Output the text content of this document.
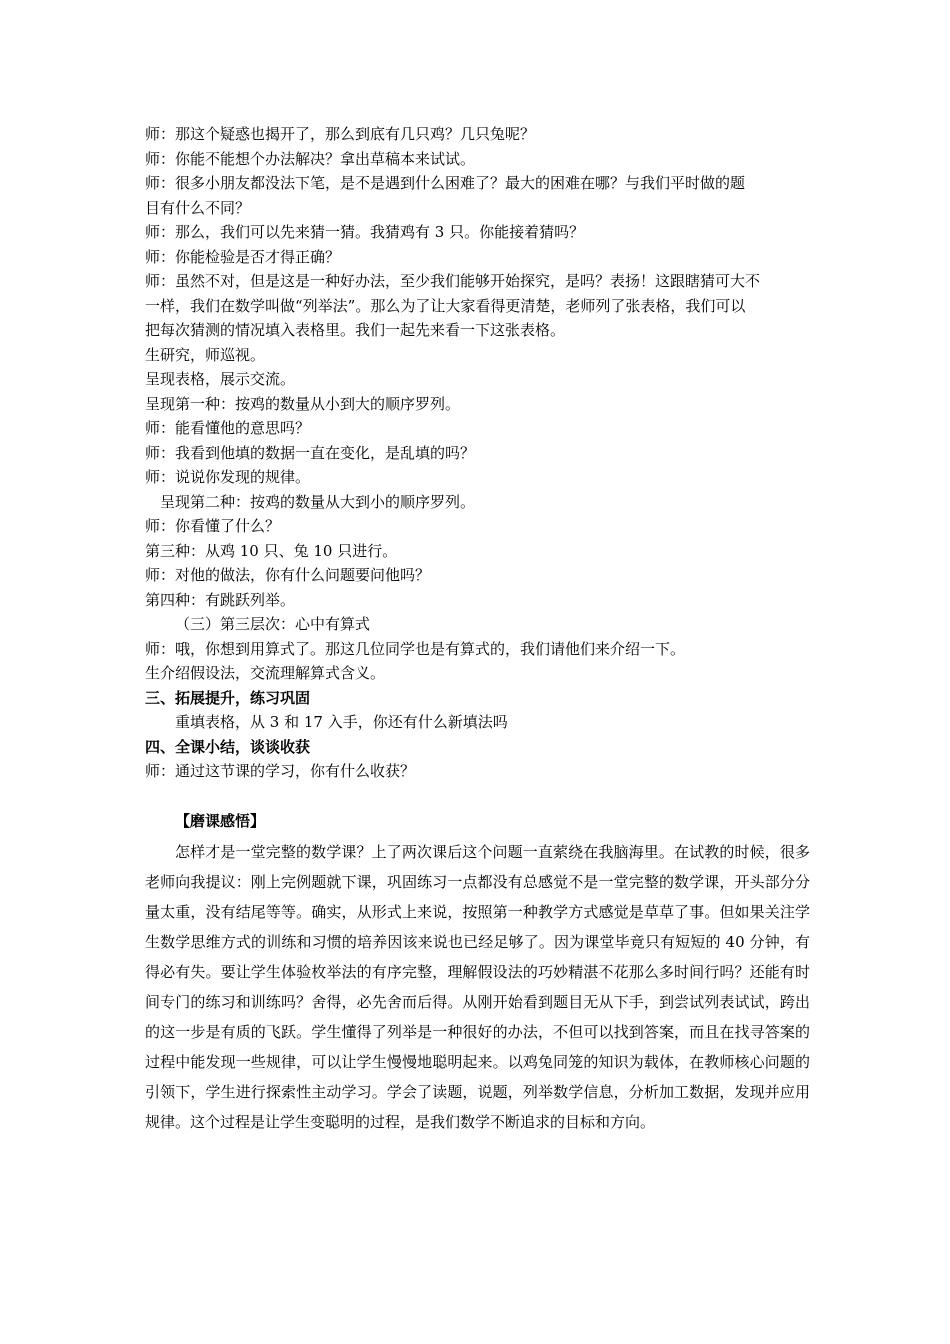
师：那这个疑惑也揭开了，那么到底有几只鸡？几只兔呢？
师：你能不能想个办法解决？拿出草稿本来试试。
师：很多小朋友都没法下笔，是不是遇到什么困难了？最大的困难在哪？与我们平时做的题
目有什么不同？
师：那么，我们可以先来猜一猜。我猜鸡有 3 只。你能接着猜吗？
师：你能检验是否才得正确？
师：虽然不对，但是这是一种好办法，至少我们能够开始探究，是吗？表扬！这跟瞎猜可大不
一样，我们在数学叫做“列举法”。那么为了让大家看得更清楚，老师列了张表格，我们可以
把每次猜测的情况填入表格里。我们一起先来看一下这张表格。
生研究，师巡视。
呈现表格，展示交流。
呈现第一种：按鸡的数量从小到大的顺序罗列。
师：能看懂他的意思吗？
师：我看到他填的数据一直在变化，是乱填的吗？
师：说说你发现的规律。
呈现第二种：按鸡的数量从大到小的顺序罗列。
师：你看懂了什么？
第三种：从鸡 10 只、兔 10 只进行。
师：对他的做法，你有什么问题要问他吗？
第四种：有跳跃列举。
（三）第三层次：心中有算式
师：哦，你想到用算式了。那这几位同学也是有算式的，我们请他们来介绍一下。
生介绍假设法，交流理解算式含义。
三、拓展提升，练习巩固
重填表格，从 3 和 17 入手，你还有什么新填法吗
四、全课小结，谈谈收获
师：通过这节课的学习，你有什么收获？
【磨课感悟】
怎样才是一堂完整的数学课？上了两次课后这个问题一直萦绕在我脑海里。在试教的时候，很多老师向我提议：刚上完例题就下课，巩固练习一点都没有总感觉不是一堂完整的数学课，开头部分分量太重，没有结尾等等。确实，从形式上来说，按照第一种教学方式感觉是草草了事。但如果关注学生数学思维方式的训练和习惯的培养因该来说也已经足够了。因为课堂毕竟只有短短的 40 分钟，有得必有失。要让学生体验枚举法的有序完整，理解假设法的巧妙精湛不花那么多时间行吗？还能有时间专门的练习和训练吗？舍得，必先舍而后得。从刚开始看到题目无从下手，到尝试列表试试，跨出的这一步是有质的飞跃。学生懂得了列举是一种很好的办法，不但可以找到答案，而且在找寻答案的过程中能发现一些规律，可以让学生慢慢地聪明起来。以鸡兔同笼的知识为载体，在教师核心问题的引领下，学生进行探索性主动学习。学会了读题，说题，列举数学信息，分析加工数据，发现并应用规律。这个过程是让学生变聪明的过程，是我们数学不断追求的目标和方向。
